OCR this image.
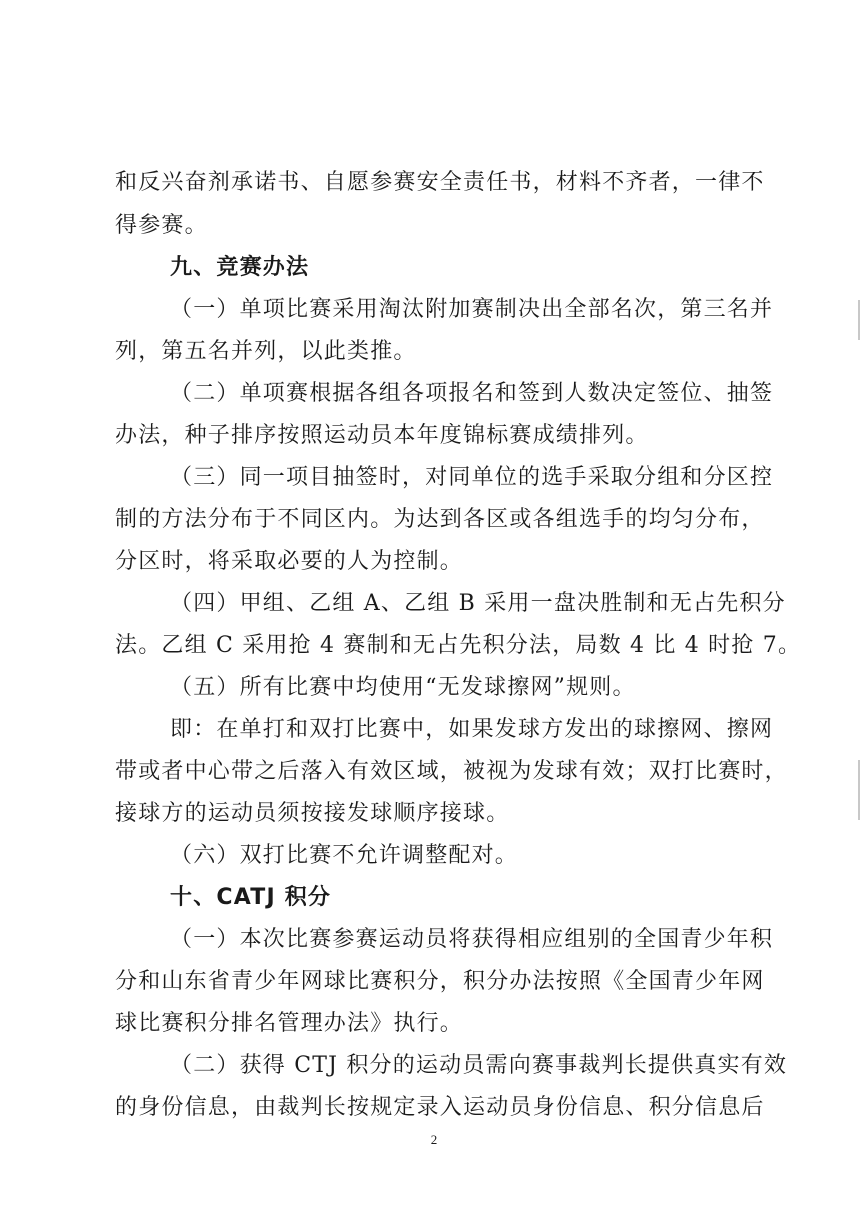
和反兴奋剂承诺书、自愿参赛安全责任书，材料不齐者，一律不
得参赛。
九、竞赛办法
（一）单项比赛采用淘汰附加赛制决出全部名次，第三名并
列，第五名并列，以此类推。
（二）单项赛根据各组各项报名和签到人数决定签位、抽签
办法，种子排序按照运动员本年度锦标赛成绩排列。
（三）同一项目抽签时，对同单位的选手采取分组和分区控
制的方法分布于不同区内。为达到各区或各组选手的均匀分布，
分区时，将采取必要的人为控制。
（四）甲组、乙组 A、乙组 B 采用一盘决胜制和无占先积分
法。乙组 C 采用抢 4 赛制和无占先积分法，局数 4 比 4 时抢 7。
（五）所有比赛中均使用“无发球擦网”规则。
即：在单打和双打比赛中，如果发球方发出的球擦网、擦网
带或者中心带之后落入有效区域，被视为发球有效；双打比赛时，
接球方的运动员须按接发球顺序接球。
（六）双打比赛不允许调整配对。
十、CATJ 积分
（一）本次比赛参赛运动员将获得相应组别的全国青少年积
分和山东省青少年网球比赛积分，积分办法按照《全国青少年网
球比赛积分排名管理办法》执行。
（二）获得 CTJ 积分的运动员需向赛事裁判长提供真实有效
的身份信息，由裁判长按规定录入运动员身份信息、积分信息后
2
